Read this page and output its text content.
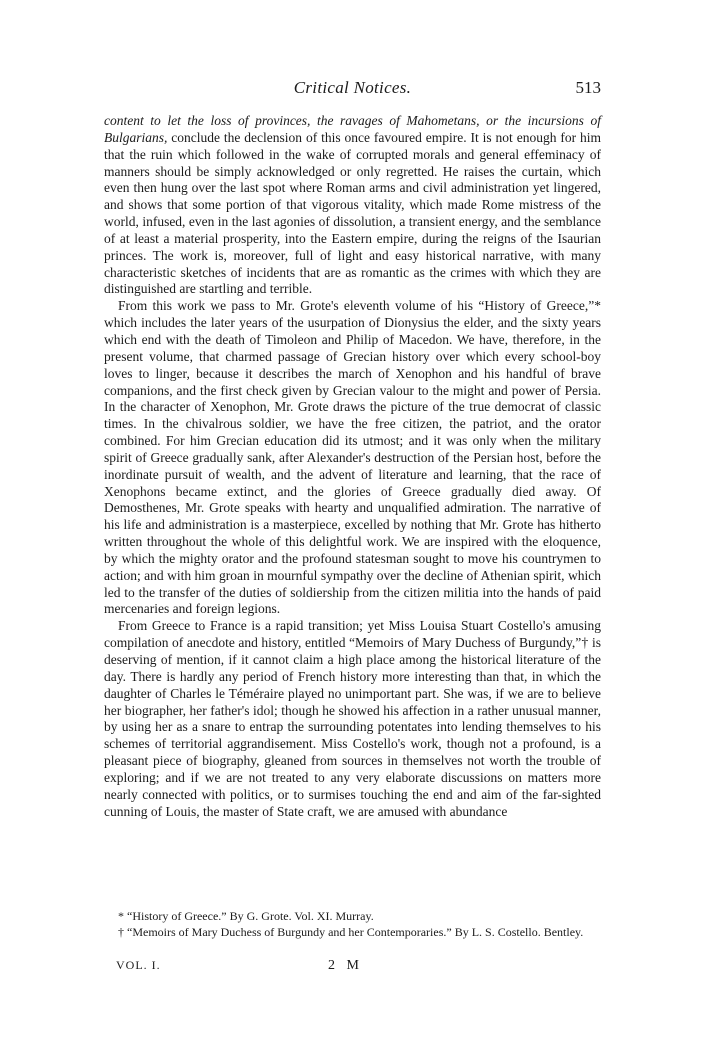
Critical Notices.	513

content to let the loss of provinces, the ravages of Mahometans, or the incursions of Bulgarians, conclude the declension of this once favoured empire. It is not enough for him that the ruin which followed in the wake of corrupted morals and general effeminacy of manners should be simply acknowledged or only regretted. He raises the curtain, which even then hung over the last spot where Roman arms and civil administration yet lingered, and shows that some portion of that vigorous vitality, which made Rome mistress of the world, infused, even in the last agonies of dissolution, a transient energy, and the semblance of at least a material prosperity, into the Eastern empire, during the reigns of the Isaurian princes. The work is, moreover, full of light and easy historical narrative, with many characteristic sketches of incidents that are as romantic as the crimes with which they are distinguished are startling and terrible.

From this work we pass to Mr. Grote's eleventh volume of his “History of Greece,”* which includes the later years of the usurpation of Dionysius the elder, and the sixty years which end with the death of Timoleon and Philip of Macedon. We have, therefore, in the present volume, that charmed passage of Grecian history over which every school-boy loves to linger, because it describes the march of Xenophon and his handful of brave companions, and the first check given by Grecian valour to the might and power of Persia. In the character of Xenophon, Mr. Grote draws the picture of the true democrat of classic times. In the chivalrous soldier, we have the free citizen, the patriot, and the orator combined. For him Grecian education did its utmost; and it was only when the military spirit of Greece gradually sank, after Alexander's destruction of the Persian host, before the inordinate pursuit of wealth, and the advent of literature and learning, that the race of Xenophons became extinct, and the glories of Greece gradually died away. Of Demosthenes, Mr. Grote speaks with hearty and unqualified admiration. The narrative of his life and administration is a masterpiece, excelled by nothing that Mr. Grote has hitherto written throughout the whole of this delightful work. We are inspired with the eloquence, by which the mighty orator and the profound statesman sought to move his countrymen to action; and with him groan in mournful sympathy over the decline of Athenian spirit, which led to the transfer of the duties of soldiership from the citizen militia into the hands of paid mercenaries and foreign legions.

From Greece to France is a rapid transition; yet Miss Louisa Stuart Costello's amusing compilation of anecdote and history, entitled “Memoirs of Mary Duchess of Burgundy,”† is deserving of mention, if it cannot claim a high place among the historical literature of the day. There is hardly any period of French history more interesting than that, in which the daughter of Charles le Téméraire played no unimportant part. She was, if we are to believe her biographer, her father's idol; though he showed his affection in a rather unusual manner, by using her as a snare to entrap the surrounding potentates into lending themselves to his schemes of territorial aggrandisement. Miss Costello's work, though not a profound, is a pleasant piece of biography, gleaned from sources in themselves not worth the trouble of exploring; and if we are not treated to any very elaborate discussions on matters more nearly connected with politics, or to surmises touching the end and aim of the far-sighted cunning of Louis, the master of State craft, we are amused with abundance

* “History of Greece.” By G. Grote. Vol. XI. Murray.

† “Memoirs of Mary Duchess of Burgundy and her Contemporaries.” By L. S. Costello. Bentley.

VOL. I.	2 M
